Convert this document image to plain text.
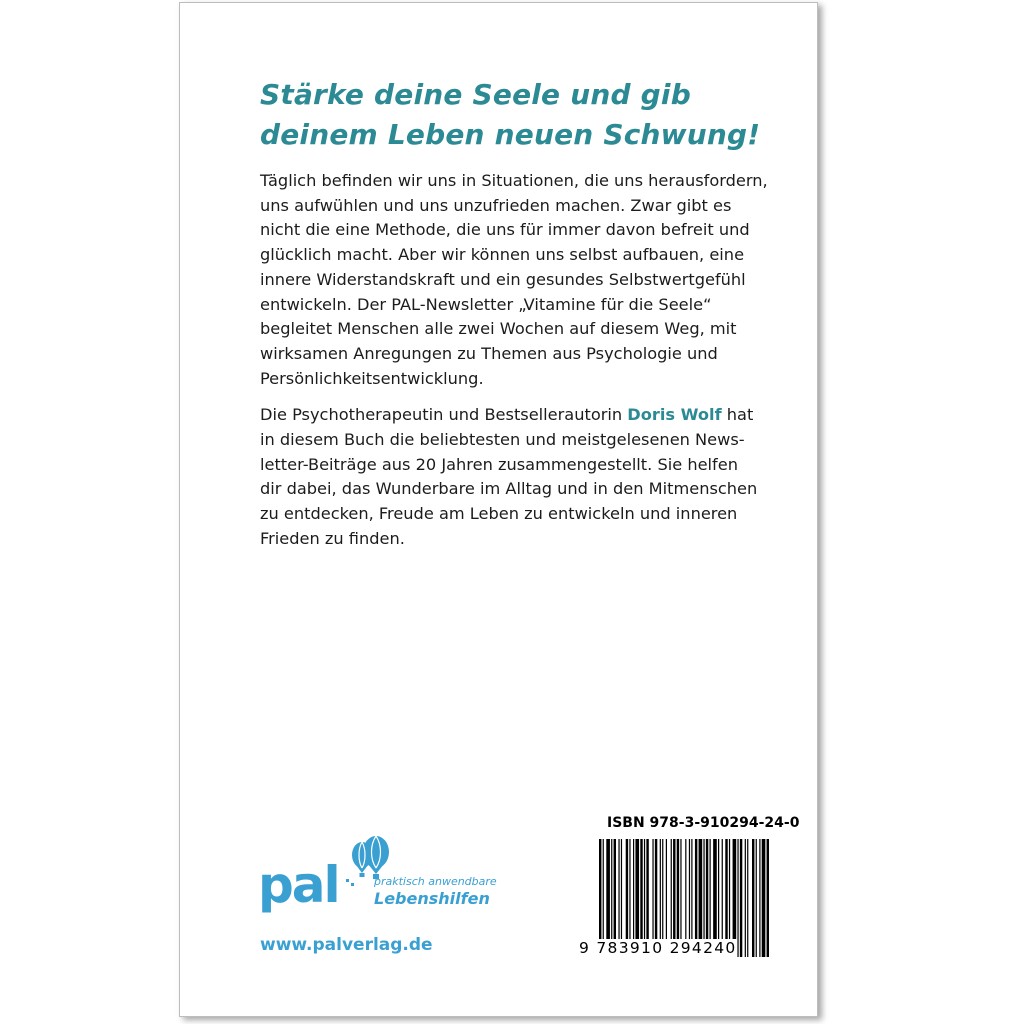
Stärke deine Seele und gib
deinem Leben neuen Schwung!

Täglich befinden wir uns in Situationen, die uns herausfordern,
uns aufwühlen und uns unzufrieden machen. Zwar gibt es
nicht die eine Methode, die uns für immer davon befreit und
glücklich macht. Aber wir können uns selbst aufbauen, eine
innere Widerstandskraft und ein gesundes Selbstwertgefühl
entwickeln. Der PAL-Newsletter „Vitamine für die Seele“
begleitet Menschen alle zwei Wochen auf diesem Weg, mit
wirksamen Anregungen zu Themen aus Psychologie und
Persönlichkeitsentwicklung.

Die Psychotherapeutin und Bestsellerautorin Doris Wolf hat
in diesem Buch die beliebtesten und meistgelesenen News-
letter-Beiträge aus 20 Jahren zusammengestellt. Sie helfen
dir dabei, das Wunderbare im Alltag und in den Mitmenschen
zu entdecken, Freude am Leben zu entwickeln und inneren
Frieden zu finden.

pal	praktisch anwendbare
Lebenshilfen
www.palverlag.de
ISBN 978-3-910294-24-0
9 783910 294240
